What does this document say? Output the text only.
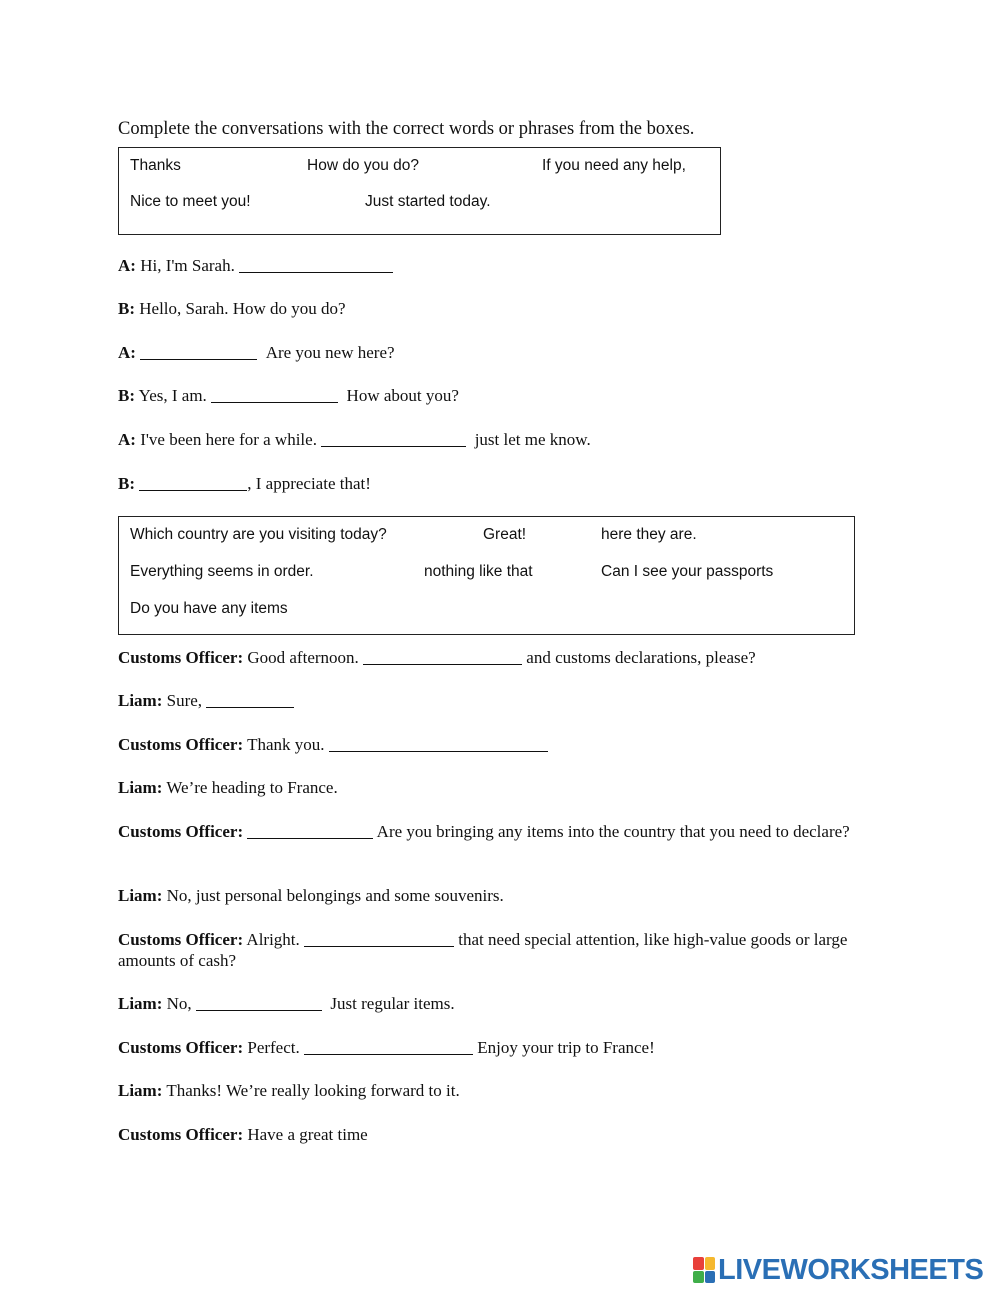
Complete the conversations with the correct words or phrases from the boxes.
Thanks	How do you do?	If you need any help,
Nice to meet you!	Just started today.
A: Hi, I'm Sarah.
B: Hello, Sarah. How do you do?
A:	Are you new here?
B: Yes, I am.	How about you?
A: I've been here for a while.	just let me know.
B:	, I appreciate that!
Which country are you visiting today?	Great!	here they are.
Everything seems in order.	nothing like that	Can I see your passports
Do you have any items
Customs Officer: Good afternoon.	and customs declarations, please?
Liam: Sure,
Customs Officer: Thank you.
Liam: We’re heading to France.
Customs Officer:	Are you bringing any items into the country that you need to declare?
Liam: No, just personal belongings and some souvenirs.
Customs Officer: Alright.	that need special attention, like high-value goods or large amounts of cash?
Liam: No,	Just regular items.
Customs Officer: Perfect.	Enjoy your trip to France!
Liam: Thanks! We’re really looking forward to it.
Customs Officer: Have a great time
LIVEWORKSHEETS
